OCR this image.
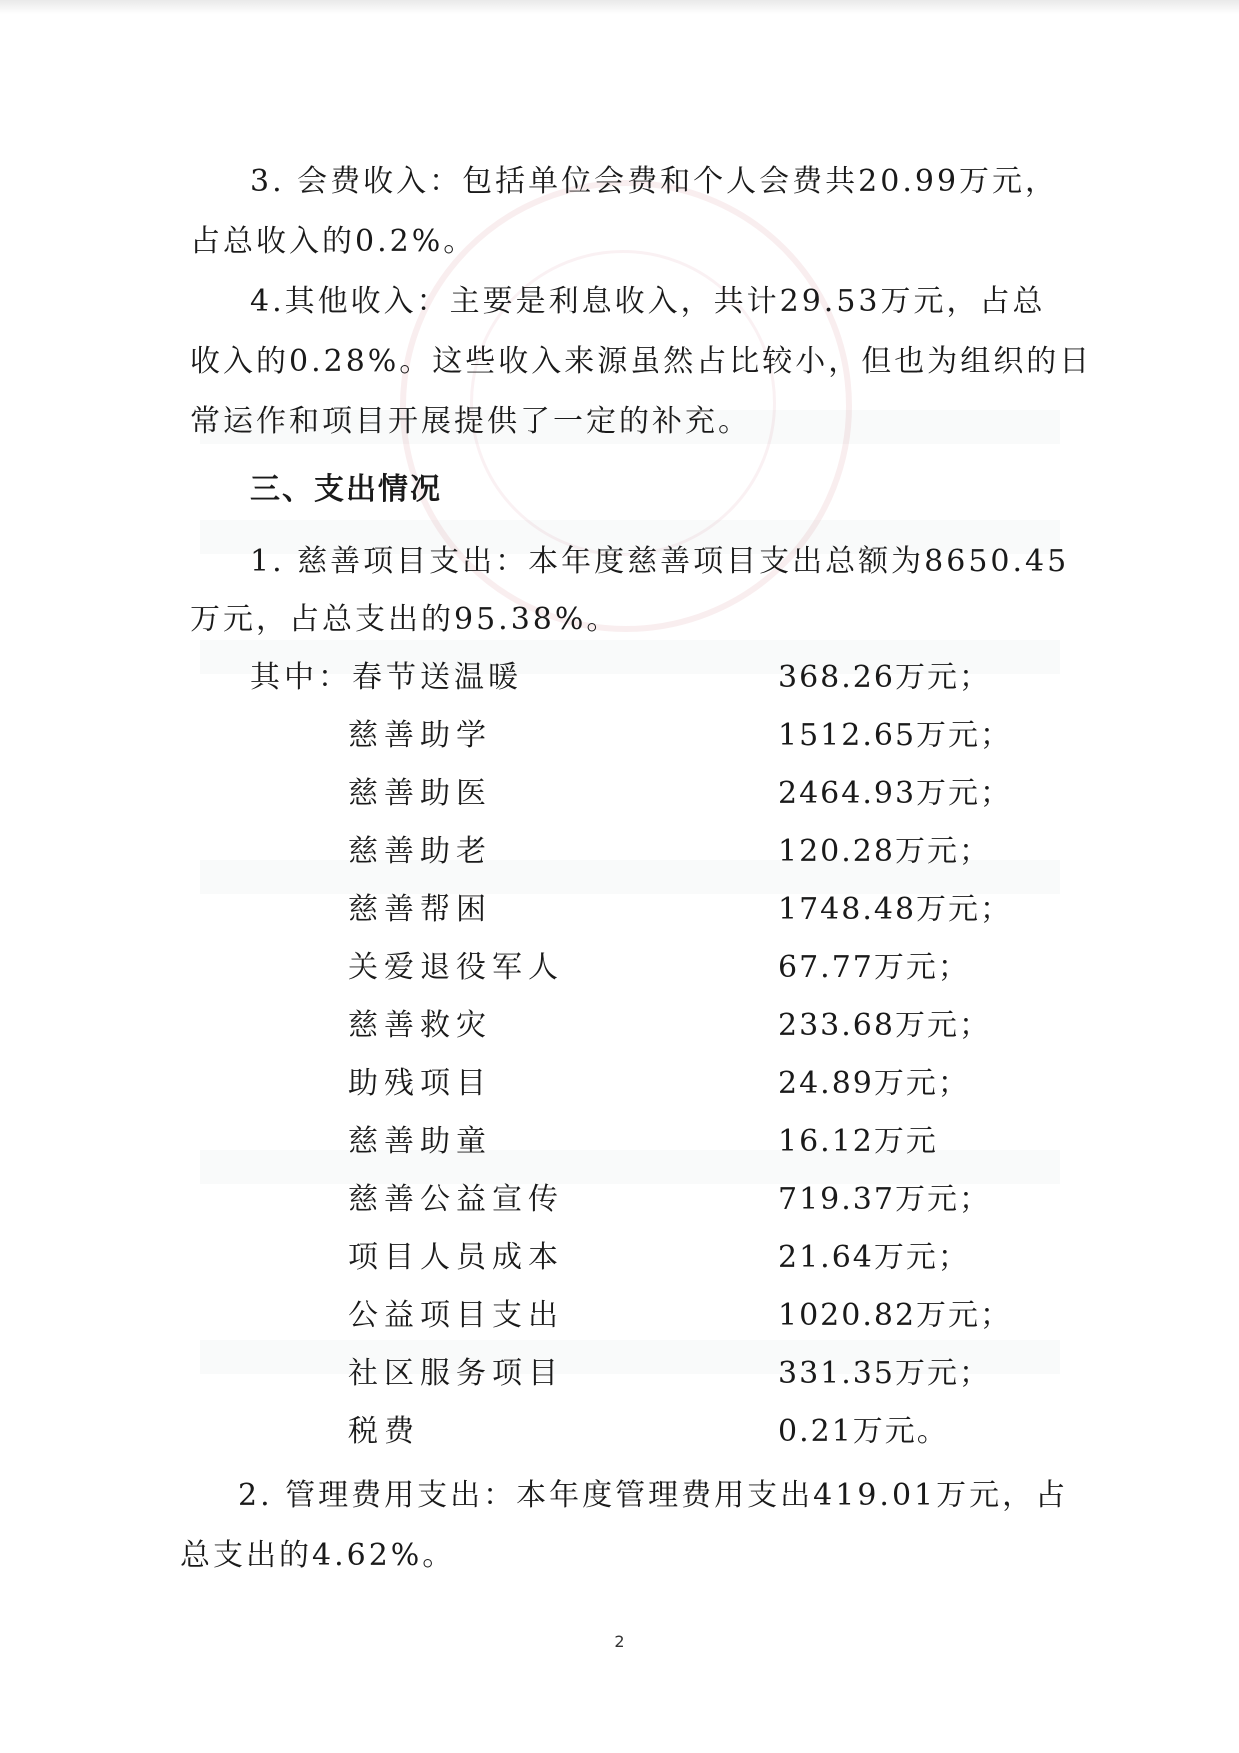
3. 会费收入：包括单位会费和个人会费共20.99万元，
占总收入的0.2%。
4.其他收入：主要是利息收入，共计29.53万元，占总
收入的0.28%。这些收入来源虽然占比较小，但也为组织的日
常运作和项目开展提供了一定的补充。
三、支出情况
1. 慈善项目支出：本年度慈善项目支出总额为8650.45
万元，占总支出的95.38%。
其中：春节送温暖	368.26万元；
慈善助学	1512.65万元；
慈善助医	2464.93万元；
慈善助老	120.28万元；
慈善帮困	1748.48万元；
关爱退役军人	67.77万元；
慈善救灾	233.68万元；
助残项目	24.89万元；
慈善助童	16.12万元
慈善公益宣传	719.37万元；
项目人员成本	21.64万元；
公益项目支出	1020.82万元；
社区服务项目	331.35万元；
税费	0.21万元。
2. 管理费用支出：本年度管理费用支出419.01万元，占
总支出的4.62%。
2
